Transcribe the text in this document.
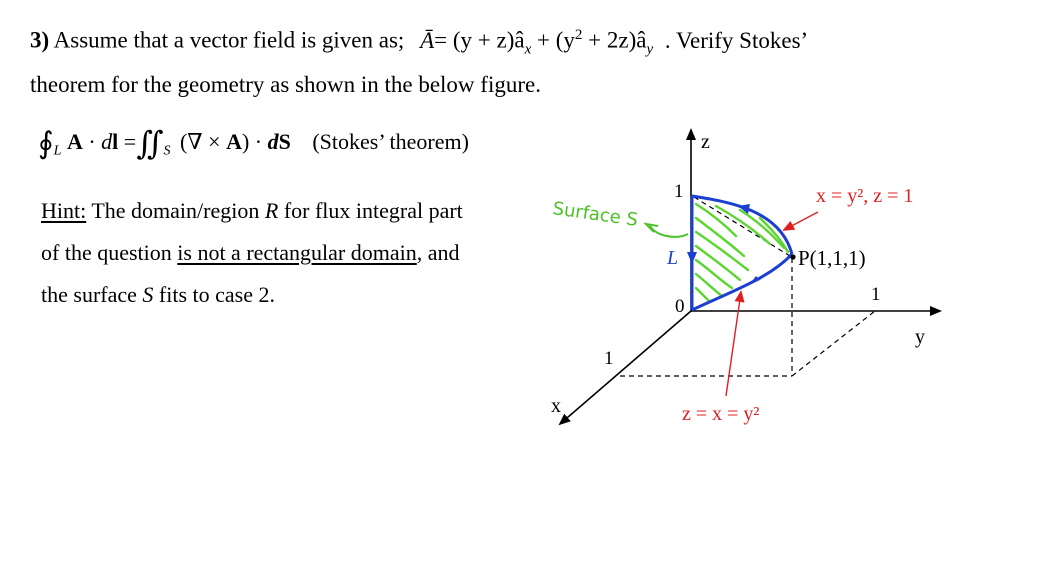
3) Assume that a vector field is given as; Ā= $(y + z)â_x + (y^2$ + $2z)â_y$ . Verify Stokes’
theorem for the geometry as shown in the below figure.
$∮_L$ A · dl $=∬_S$ (∇ × A) · dS (Stokes’ theorem)
Hint: The domain/region R for flux integral part
of the question is not a rectangular domain, and
the surface S fits to case 2.
z
y
x
1
1
1
0
P(1,1,1)
L
Surface S
x = y², z = 1
z = x = y²
